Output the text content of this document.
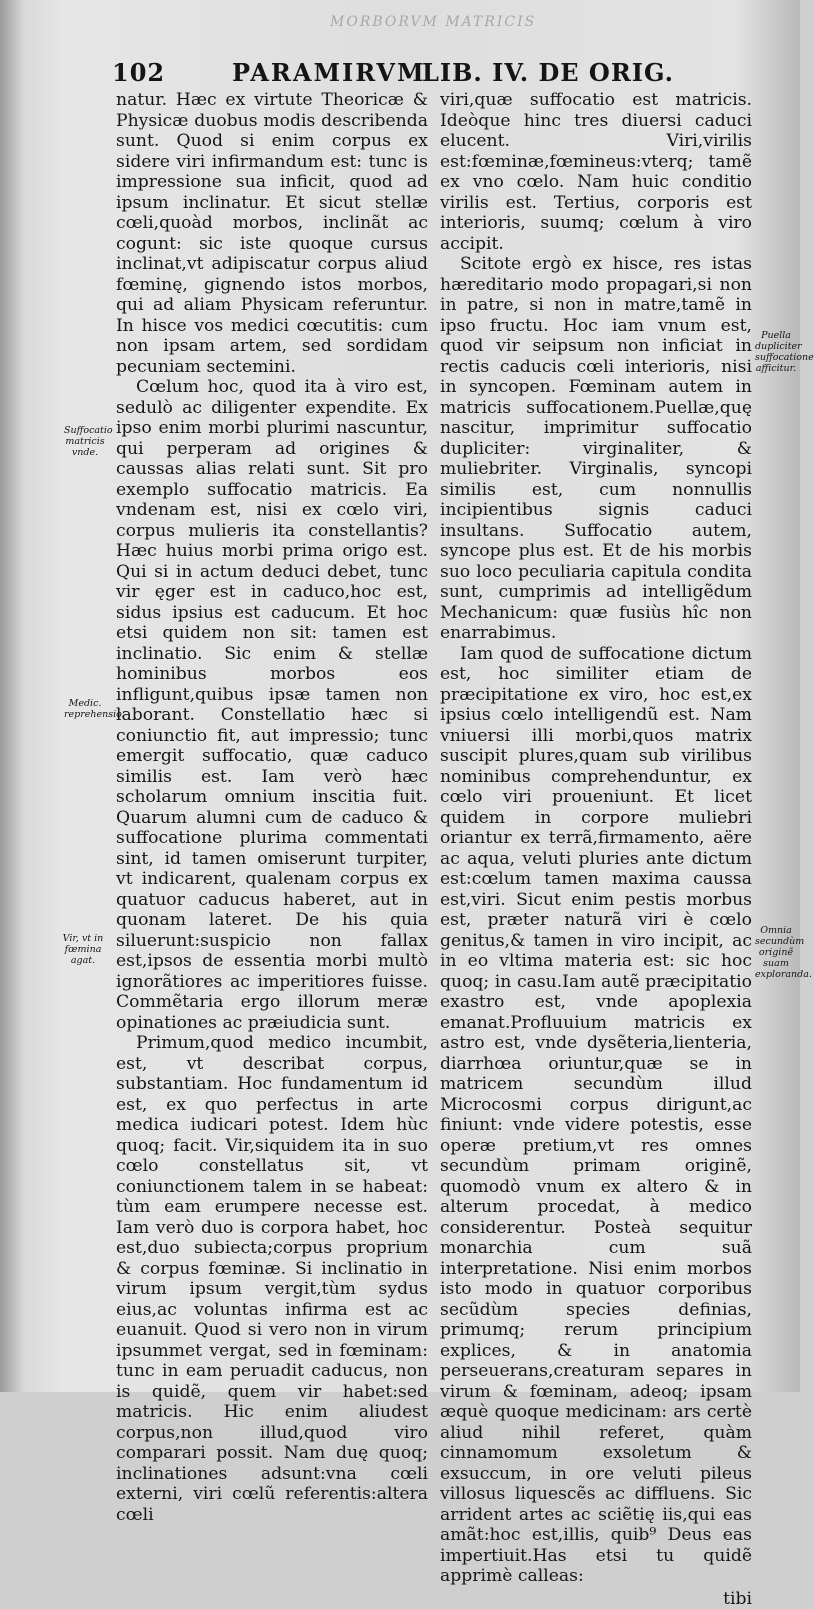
MORBORVM MATRICIS
102	PARAMIRVM
LIB. IV. DE ORIG.

natur. Hæc ex virtute Theoricæ & Physicæ duobus modis describenda sunt. Quod si enim corpus ex sidere viri infirmandum est: tunc is impressione sua inficit, quod ad ipsum inclinatur. Et sicut stellæ cœli,quoàd morbos, inclinãt ac cogunt: sic iste quoque cursus inclinat,vt adipiscatur corpus aliud fœminę, gignendo istos morbos, qui ad aliam Physicam referuntur. In hisce vos medici cœcutitis: cum non ipsam artem, sed sordidam pecuniam sectemini.

Cœlum hoc, quod ita à viro est, sedulò ac diligenter expendite. Ex ipso enim morbi plurimi nascuntur, qui perperam ad origines & caussas alias relati sunt. Sit pro exemplo suffocatio matricis. Ea vndenam est, nisi ex cœlo viri, corpus mulieris ita constellantis? Hæc huius morbi prima origo est. Qui si in actum deduci debet, tunc vir ęger est in caduco,hoc est, sidus ipsius est caducum. Et hoc etsi quidem non sit: tamen est inclinatio. Sic enim & stellæ hominibus morbos eos infligunt,quibus ipsæ tamen non laborant. Constellatio hæc si coniunctio fit, aut impressio; tunc emergit suffocatio, quæ caduco similis est. Iam verò hæc scholarum omnium inscitia fuit. Quarum alumni cum de caduco & suffocatione plurima commentati sint, id tamen omiserunt turpiter, vt indicarent, qualenam corpus ex quatuor caducus haberet, aut in quonam lateret. De his quia siluerunt:suspicio non fallax est,ipsos de essentia morbi multò ignorãtiores ac imperitiores fuisse. Commẽtaria ergo illorum meræ opinationes ac præiudicia sunt.

Primum,quod medico incumbit, est, vt describat corpus, substantiam. Hoc fundamentum id est, ex quo perfectus in arte medica iudicari potest. Idem hùc quoq; facit. Vir,siquidem ita in suo cœlo constellatus sit, vt coniunctionem talem in se habeat: tùm eam erumpere necesse est. Iam verò duo is corpora habet, hoc est,duo subiecta;corpus proprium & corpus fœminæ. Si inclinatio in virum ipsum vergit,tùm sydus eius,ac voluntas infirma est ac euanuit. Quod si vero non in virum ipsummet vergat, sed in fœminam: tunc in eam peruadit caducus, non is quidẽ, quem vir habet:sed matricis. Hic enim aliudest corpus,non illud,quod viro comparari possit. Nam duę quoq; inclinationes adsunt:vna cœli externi, viri cœlũ referentis:altera cœli

viri,quæ suffocatio est matricis. Ideòque hinc tres diuersi caduci elucent. Viri,virilis est:fœminæ,fœmineus:vterq; tamẽ ex vno cœlo. Nam huic conditio virilis est. Tertius, corporis est interioris, suumq; cœlum à viro accipit.

Scitote ergò ex hisce, res istas hæreditario modo propagari,si non in patre, si non in matre,tamẽ in ipso fructu. Hoc iam vnum est, quod vir seipsum non inficiat in rectis caducis cœli interioris, nisi in syncopen. Fœminam autem in matricis suffocationem.Puellæ,quę nascitur, imprimitur suffocatio dupliciter: virginaliter, & muliebriter. Virginalis, syncopi similis est, cum nonnullis incipientibus signis caduci insultans. Suffocatio autem, syncope plus est. Et de his morbis suo loco peculiaria capitula condita sunt, cumprimis ad intelligẽdum Mechanicum: quæ fusiùs hîc non enarrabimus.

Iam quod de suffocatione dictum est, hoc similiter etiam de præcipitatione ex viro, hoc est,ex ipsius cœlo intelligendũ est. Nam vniuersi illi morbi,quos matrix suscipit plures,quam sub virilibus nominibus comprehenduntur, ex cœlo viri proueniunt. Et licet quidem in corpore muliebri oriantur ex terrã,firmamento, aëre ac aqua, veluti pluries ante dictum est:cœlum tamen maxima caussa est,viri. Sicut enim pestis morbus est, præter naturã viri è cœlo genitus,& tamen in viro incipit, ac in eo vltima materia est: sic hoc quoq; in casu.Iam autẽ præcipitatio exastro est, vnde apoplexia emanat.Profluuium matricis ex astro est, vnde dysẽteria,lienteria, diarrhœa oriuntur,quæ se in matricem secundùm illud Microcosmi corpus dirigunt,ac finiunt: vnde videre potestis, esse operæ pretium,vt res omnes secundùm primam originẽ, quomodò vnum ex altero & in alterum procedat, à medico considerentur. Posteà sequitur monarchia cum suã interpretatione. Nisi enim morbos isto modo in quatuor corporibus secũdùm species definias, primumq; rerum principium explices, & in anatomia perseuerans,creaturam separes in virum & fœminam, adeoq; ipsam æquè quoque medicinam: ars certè aliud nihil referet, quàm cinnamomum exsoletum & exsuccum, in ore veluti pileus villosus liquescẽs ac diffluens. Sic arrident artes ac sciẽtię iis,qui eas amãt:hoc est,illis, quib⁹ Deus eas impertiuit.Has etsi tu quidẽ apprimè calleas:

tibi
Suffocatio matricis vnde.
Medic. reprehensio.
Vir, vt in fœmina agat.
Puella dupliciter suffocatione afficitur.
Omnia secundùm originẽ suam exploranda.
